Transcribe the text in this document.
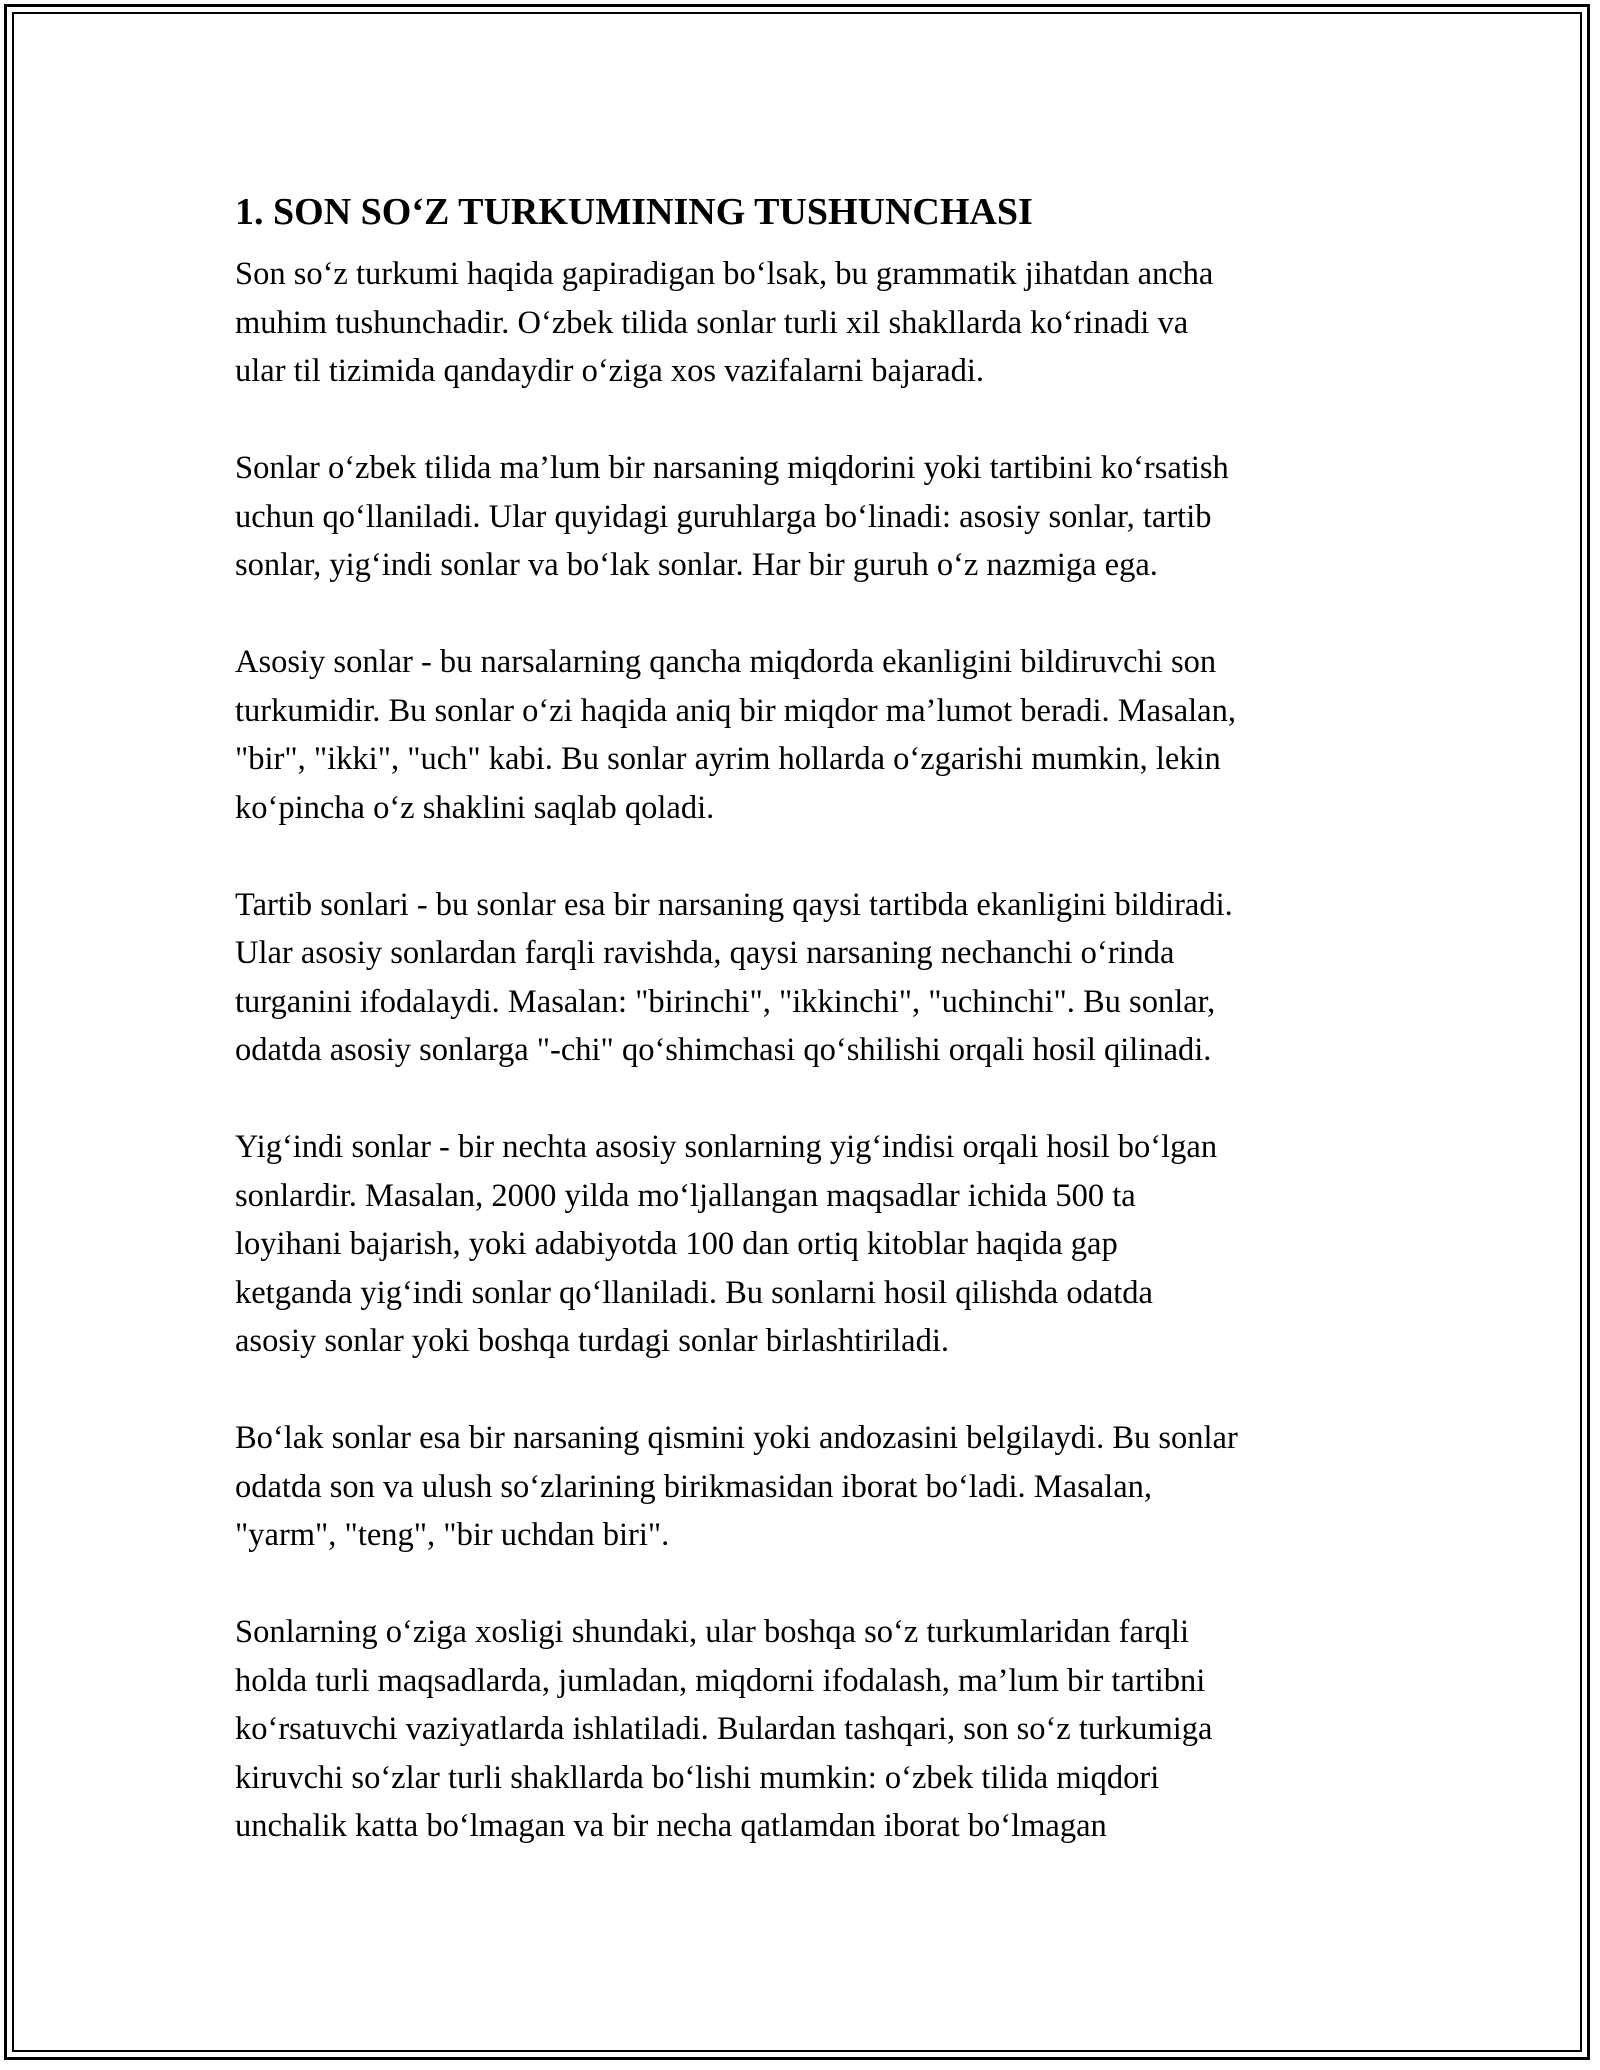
1. SON SO‘Z TURKUMINING TUSHUNCHASI

Son so‘z turkumi haqida gapiradigan bo‘lsak, bu grammatik jihatdan ancha
muhim tushunchadir. O‘zbek tilida sonlar turli xil shakllarda ko‘rinadi va
ular til tizimida qandaydir o‘ziga xos vazifalarni bajaradi.

Sonlar o‘zbek tilida ma’lum bir narsaning miqdorini yoki tartibini ko‘rsatish
uchun qo‘llaniladi. Ular quyidagi guruhlarga bo‘linadi: asosiy sonlar, tartib
sonlar, yig‘indi sonlar va bo‘lak sonlar. Har bir guruh o‘z nazmiga ega.

Asosiy sonlar - bu narsalarning qancha miqdorda ekanligini bildiruvchi son
turkumidir. Bu sonlar o‘zi haqida aniq bir miqdor ma’lumot beradi. Masalan,
"bir", "ikki", "uch" kabi. Bu sonlar ayrim hollarda o‘zgarishi mumkin, lekin
ko‘pincha o‘z shaklini saqlab qoladi.

Tartib sonlari - bu sonlar esa bir narsaning qaysi tartibda ekanligini bildiradi.
Ular asosiy sonlardan farqli ravishda, qaysi narsaning nechanchi o‘rinda
turganini ifodalaydi. Masalan: "birinchi", "ikkinchi", "uchinchi". Bu sonlar,
odatda asosiy sonlarga "-chi" qo‘shimchasi qo‘shilishi orqali hosil qilinadi.

Yig‘indi sonlar - bir nechta asosiy sonlarning yig‘indisi orqali hosil bo‘lgan
sonlardir. Masalan, 2000 yilda mo‘ljallangan maqsadlar ichida 500 ta
loyihani bajarish, yoki adabiyotda 100 dan ortiq kitoblar haqida gap
ketganda yig‘indi sonlar qo‘llaniladi. Bu sonlarni hosil qilishda odatda
asosiy sonlar yoki boshqa turdagi sonlar birlashtiriladi.

Bo‘lak sonlar esa bir narsaning qismini yoki andozasini belgilaydi. Bu sonlar
odatda son va ulush so‘zlarining birikmasidan iborat bo‘ladi. Masalan,
"yarm", "teng", "bir uchdan biri".

Sonlarning o‘ziga xosligi shundaki, ular boshqa so‘z turkumlaridan farqli
holda turli maqsadlarda, jumladan, miqdorni ifodalash, ma’lum bir tartibni
ko‘rsatuvchi vaziyatlarda ishlatiladi. Bulardan tashqari, son so‘z turkumiga
kiruvchi so‘zlar turli shakllarda bo‘lishi mumkin: o‘zbek tilida miqdori
unchalik katta bo‘lmagan va bir necha qatlamdan iborat bo‘lmagan
